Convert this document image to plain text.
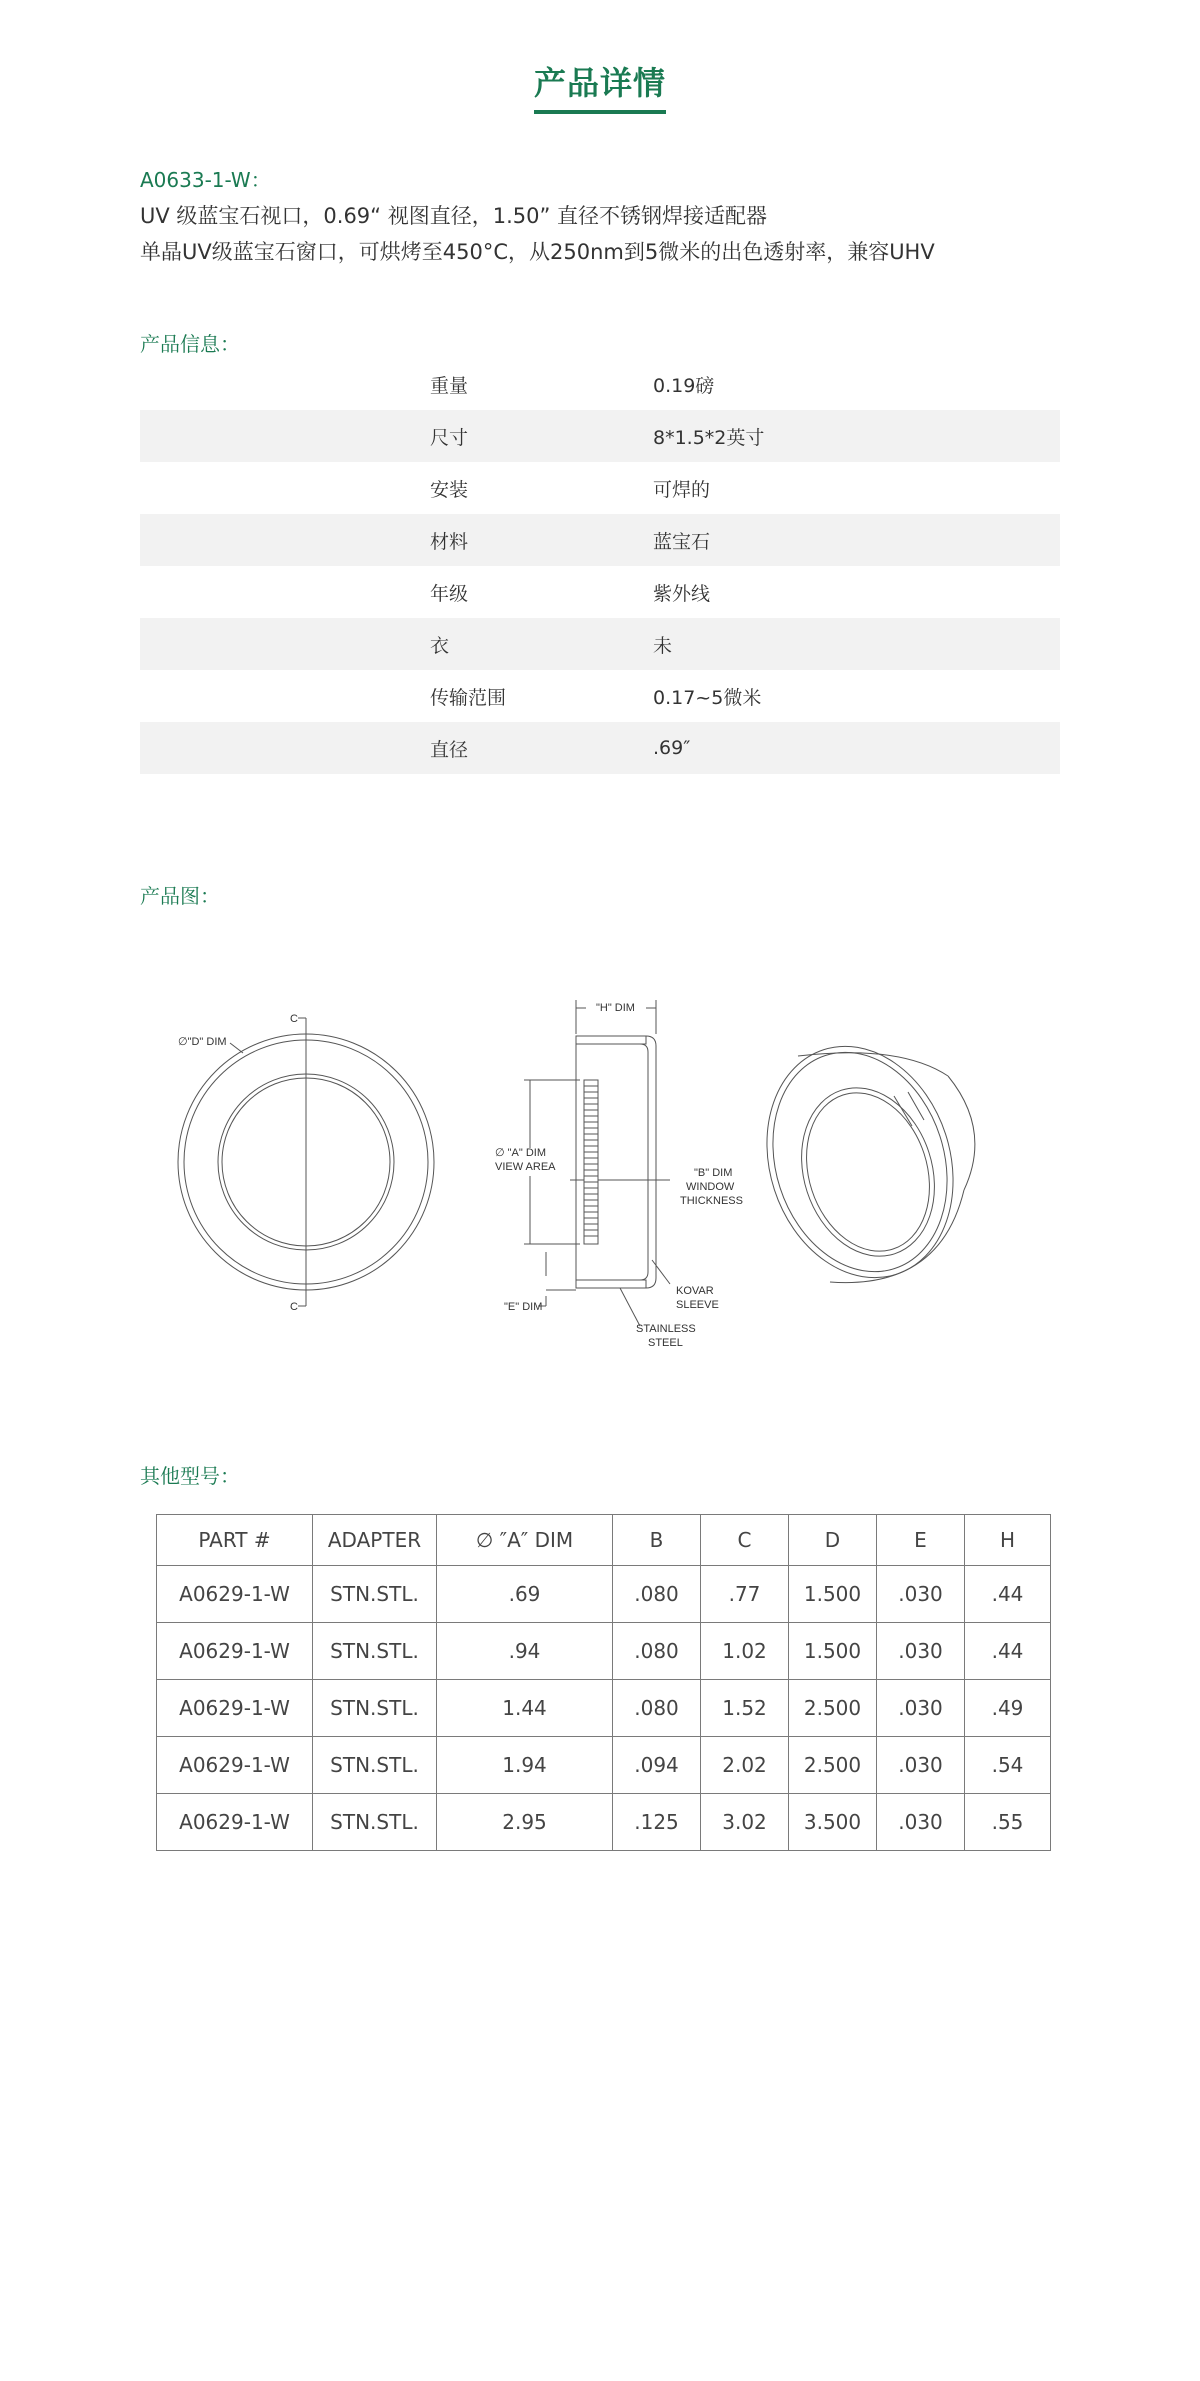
产品详情
A0633-1-W：
UV 级蓝宝石视口，0.69“ 视图直径，1.50” 直径不锈钢焊接适配器
单晶UV级蓝宝石窗口，可烘烤至450°C，从250nm到5微米的出色透射率，兼容UHV
产品信息：
重量	0.19磅
尺寸	8*1.5*2英寸
安装	可焊的
材料	蓝宝石
年级	紫外线
衣	未
传输范围	0.17~5微米
直径	.69″
产品图：
∅"D" DIM
C
C
"H" DIM
∅ "A" DIM
VIEW AREA	"B" DIM
WINDOW
THICKNESS
KOVAR
SLEEVE
STAINLESS
STEEL
"E" DIM
其他型号：
PART #	ADAPTER	∅ ″A″ DIM	B	C	D	E	H
A0629-1-W	STN.STL.	.69	.080	.77	1.500	.030	.44
A0629-1-W	STN.STL.	.94	.080	1.02	1.500	.030	.44
A0629-1-W	STN.STL.	1.44	.080	1.52	2.500	.030	.49
A0629-1-W	STN.STL.	1.94	.094	2.02	2.500	.030	.54
A0629-1-W	STN.STL.	2.95	.125	3.02	3.500	.030	.55
